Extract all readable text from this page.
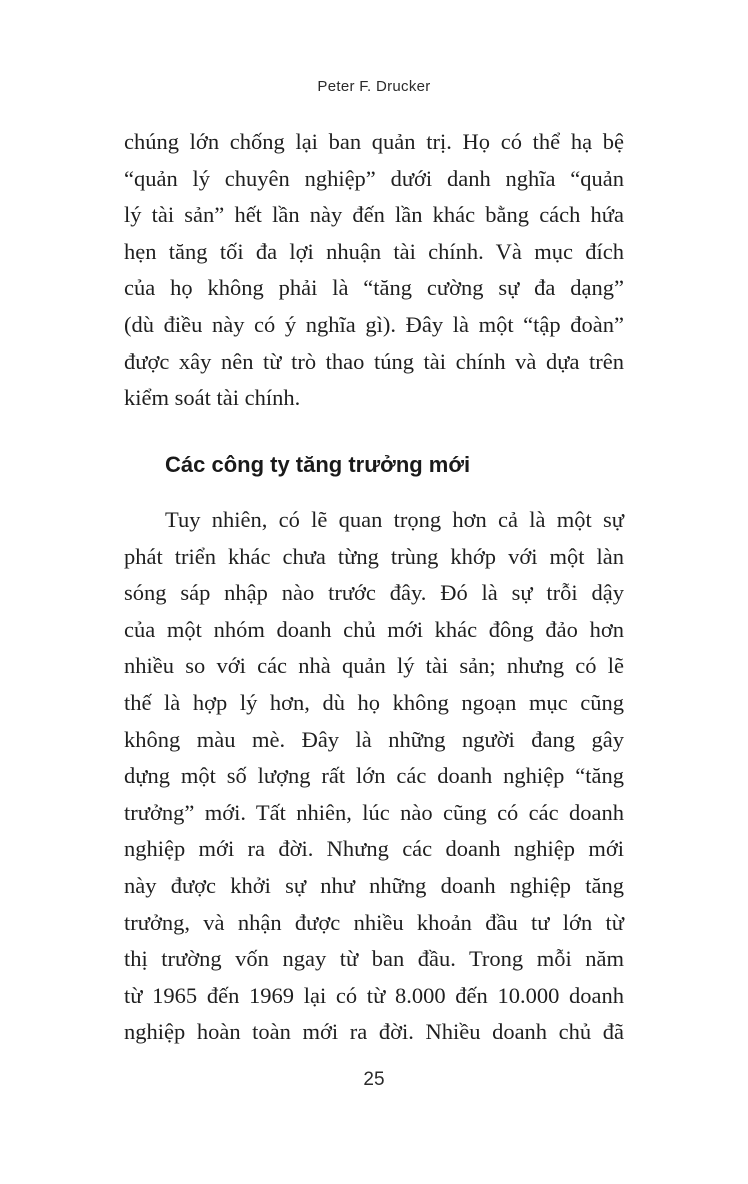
Peter F. Drucker
chúng lớn chống lại ban quản trị. Họ có thể hạ bệ
“quản lý chuyên nghiệp” dưới danh nghĩa “quản
lý tài sản” hết lần này đến lần khác bằng cách hứa
hẹn tăng tối đa lợi nhuận tài chính. Và mục đích
của họ không phải là “tăng cường sự đa dạng”
(dù điều này có ý nghĩa gì). Đây là một “tập đoàn”
được xây nên từ trò thao túng tài chính và dựa trên
kiểm soát tài chính.
Các công ty tăng trưởng mới
Tuy nhiên, có lẽ quan trọng hơn cả là một sự
phát triển khác chưa từng trùng khớp với một làn
sóng sáp nhập nào trước đây. Đó là sự trỗi dậy
của một nhóm doanh chủ mới khác đông đảo hơn
nhiều so với các nhà quản lý tài sản; nhưng có lẽ
thế là hợp lý hơn, dù họ không ngoạn mục cũng
không màu mè. Đây là những người đang gây
dựng một số lượng rất lớn các doanh nghiệp “tăng
trưởng” mới. Tất nhiên, lúc nào cũng có các doanh
nghiệp mới ra đời. Nhưng các doanh nghiệp mới
này được khởi sự như những doanh nghiệp tăng
trưởng, và nhận được nhiều khoản đầu tư lớn từ
thị trường vốn ngay từ ban đầu. Trong mỗi năm
từ 1965 đến 1969 lại có từ 8.000 đến 10.000 doanh
nghiệp hoàn toàn mới ra đời. Nhiều doanh chủ đã
25
